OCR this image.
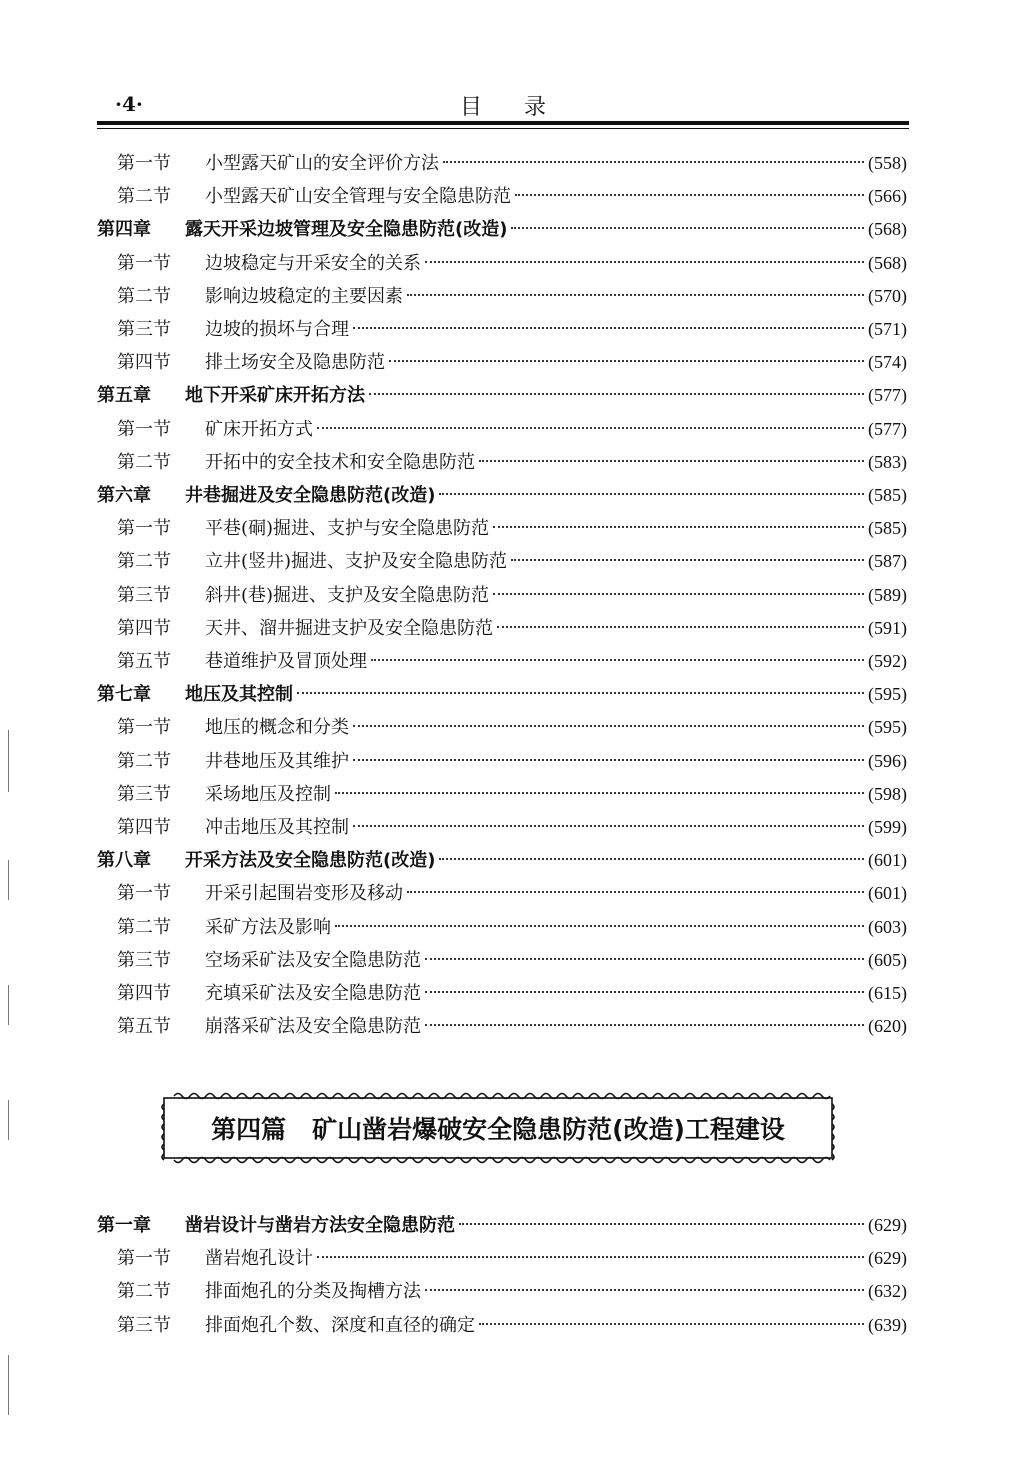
·4·	目录
第一节	小型露天矿山的安全评价方法	(558)
第二节	小型露天矿山安全管理与安全隐患防范	(566)
第四章	露天开采边坡管理及安全隐患防范(改造)	(568)
第一节	边坡稳定与开采安全的关系	(568)
第二节	影响边坡稳定的主要因素	(570)
第三节	边坡的损坏与合理	(571)
第四节	排土场安全及隐患防范	(574)
第五章	地下开采矿床开拓方法	(577)
第一节	矿床开拓方式	(577)
第二节	开拓中的安全技术和安全隐患防范	(583)
第六章	井巷掘进及安全隐患防范(改造)	(585)
第一节	平巷(硐)掘进、支护与安全隐患防范	(585)
第二节	立井(竖井)掘进、支护及安全隐患防范	(587)
第三节	斜井(巷)掘进、支护及安全隐患防范	(589)
第四节	天井、溜井掘进支护及安全隐患防范	(591)
第五节	巷道维护及冒顶处理	(592)
第七章	地压及其控制	(595)
第一节	地压的概念和分类	(595)
第二节	井巷地压及其维护	(596)
第三节	采场地压及控制	(598)
第四节	冲击地压及其控制	(599)
第八章	开采方法及安全隐患防范(改造)	(601)
第一节	开采引起围岩变形及移动	(601)
第二节	采矿方法及影响	(603)
第三节	空场采矿法及安全隐患防范	(605)
第四节	充填采矿法及安全隐患防范	(615)
第五节	崩落采矿法及安全隐患防范	(620)
第一章	凿岩设计与凿岩方法安全隐患防范	(629)
第一节	凿岩炮孔设计	(629)
第二节	排面炮孔的分类及掏槽方法	(632)
第三节	排面炮孔个数、深度和直径的确定	(639)
第四篇 矿山凿岩爆破安全隐患防范(改造)工程建设
